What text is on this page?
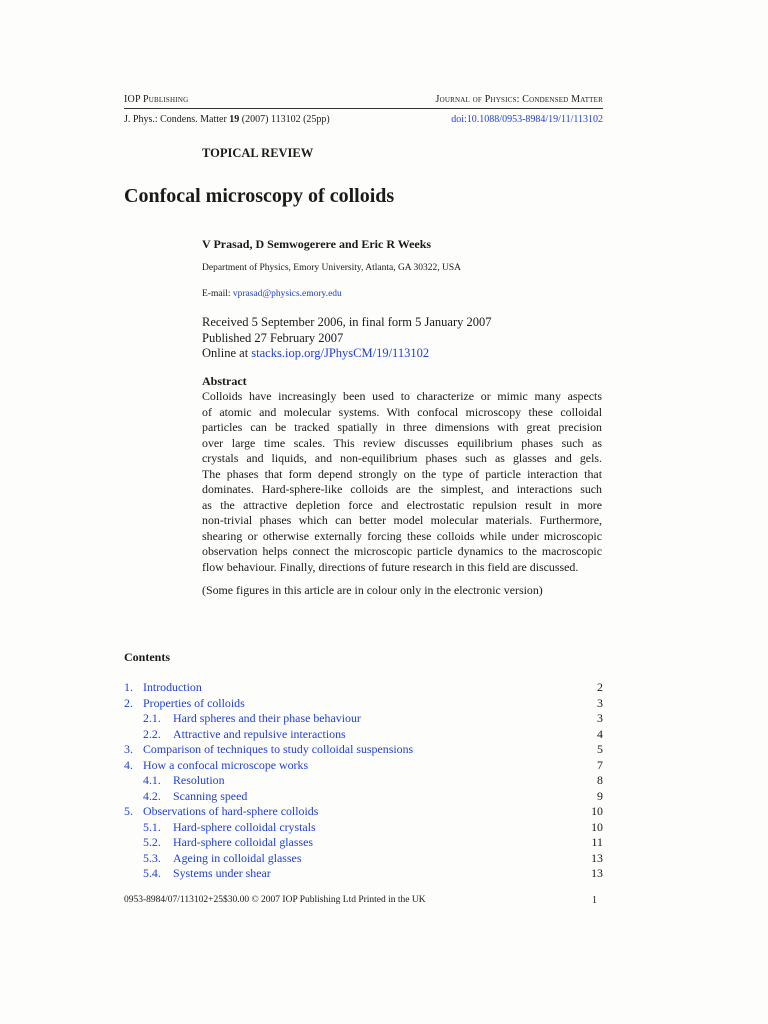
IOP Publishing	Journal of Physics: Condensed Matter
J. Phys.: Condens. Matter 19 (2007) 113102 (25pp)	doi:10.1088/0953-8984/19/11/113102
TOPICAL REVIEW
Confocal microscopy of colloids
V Prasad, D Semwogerere and Eric R Weeks
Department of Physics, Emory University, Atlanta, GA 30322, USA
E-mail: vprasad@physics.emory.edu
Received 5 September 2006, in final form 5 January 2007
Published 27 February 2007
Online at stacks.iop.org/JPhysCM/19/113102
Abstract
Colloids have increasingly been used to characterize or mimic many aspects
of atomic and molecular systems. With confocal microscopy these colloidal
particles can be tracked spatially in three dimensions with great precision
over large time scales. This review discusses equilibrium phases such as
crystals and liquids, and non-equilibrium phases such as glasses and gels.
The phases that form depend strongly on the type of particle interaction that
dominates. Hard-sphere-like colloids are the simplest, and interactions such
as the attractive depletion force and electrostatic repulsion result in more
non-trivial phases which can better model molecular materials. Furthermore,
shearing or otherwise externally forcing these colloids while under microscopic
observation helps connect the microscopic particle dynamics to the macroscopic
flow behaviour. Finally, directions of future research in this field are discussed.
(Some figures in this article are in colour only in the electronic version)
Contents
1. Introduction	2
2. Properties of colloids	3
2.1. Hard spheres and their phase behaviour	3
2.2. Attractive and repulsive interactions	4
3. Comparison of techniques to study colloidal suspensions	5
4. How a confocal microscope works	7
4.1. Resolution	8
4.2. Scanning speed	9
5. Observations of hard-sphere colloids	10
5.1. Hard-sphere colloidal crystals	10
5.2. Hard-sphere colloidal glasses	11
5.3. Ageing in colloidal glasses	13
5.4. Systems under shear	13
0953-8984/07/113102+25$30.00 © 2007 IOP Publishing Ltd Printed in the UK	1
